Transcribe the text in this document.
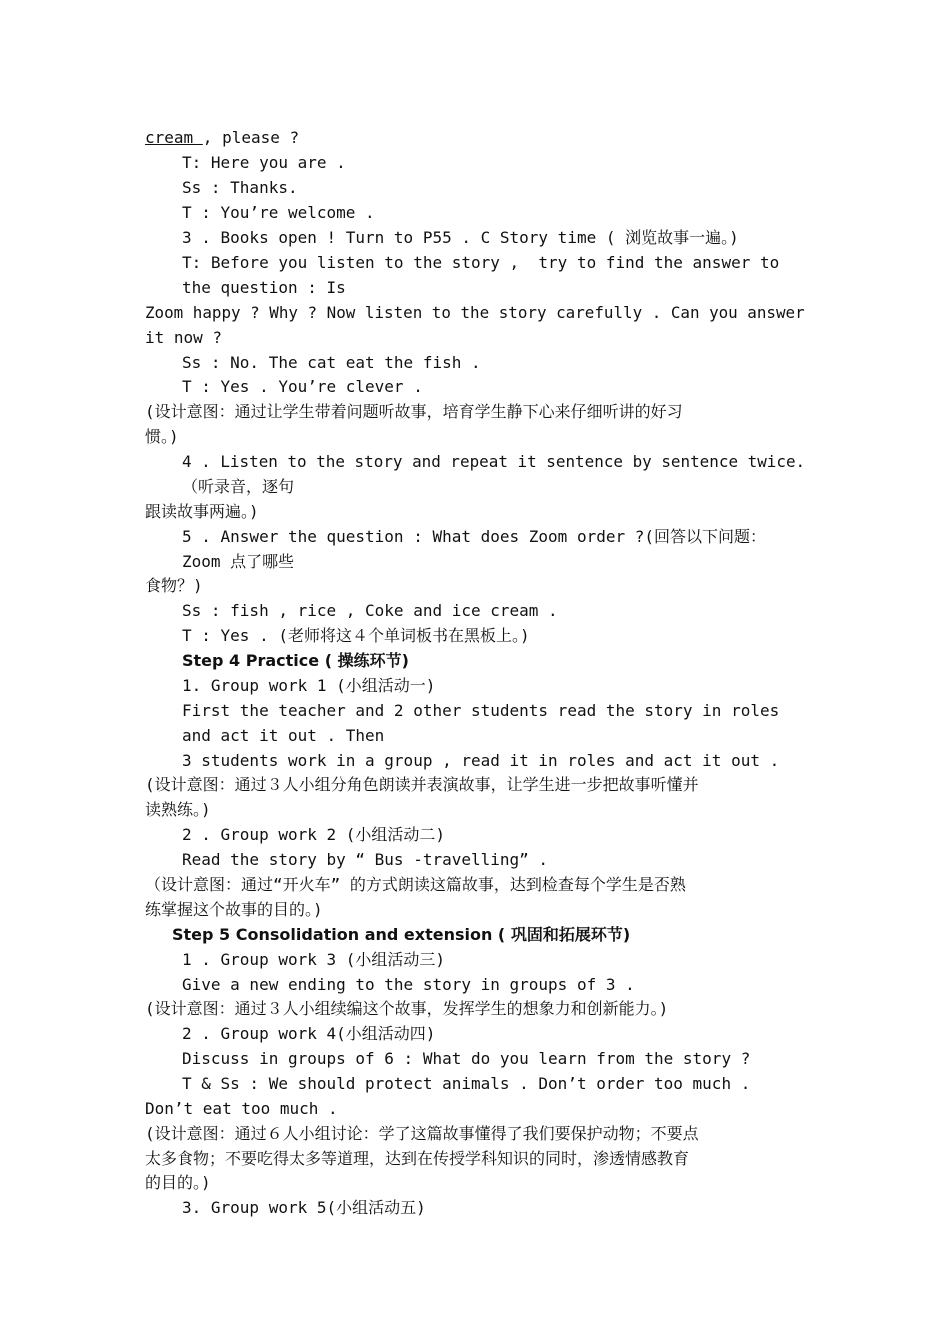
cream , please ?
T: Here you are .
Ss : Thanks.
T : You’re welcome .
3 . Books open ! Turn to P55 . C Story time ( 浏览故事一遍。)
T: Before you listen to the story ,  try to find the answer to
the question : Is
Zoom happy ? Why ? Now listen to the story carefully . Can you answer
it now ?
Ss : No. The cat eat the fish .
T : Yes . You’re clever .
(设计意图：通过让学生带着问题听故事，培育学生静下心来仔细听讲的好习
惯。)
4 . Listen to the story and repeat it sentence by sentence twice.
（听录音，逐句
跟读故事两遍。)
5 . Answer the question : What does Zoom order ?(回答以下问题：
Zoom 点了哪些
食物？)
Ss : fish , rice , Coke and ice cream .
T : Yes . (老师将这４个单词板书在黑板上。)
Step 4 Practice ( 操练环节)
1. Group work 1 (小组活动一)
First the teacher and 2 other students read the story in roles
and act it out . Then
3 students work in a group , read it in roles and act it out .
(设计意图：通过３人小组分角色朗读并表演故事，让学生进一步把故事听懂并
读熟练。)
2 . Group work 2 (小组活动二)
Read the story by “ Bus -travelling” .
（设计意图：通过“开火车” 的方式朗读这篇故事，达到检查每个学生是否熟
练掌握这个故事的目的。)
Step 5 Consolidation and extension ( 巩固和拓展环节)
1 . Group work 3 (小组活动三)
Give a new ending to the story in groups of 3 .
(设计意图：通过３人小组续编这个故事，发挥学生的想象力和创新能力。)
2 . Group work 4(小组活动四)
Discuss in groups of 6 : What do you learn from the story ?
T & Ss : We should protect animals . Don’t order too much .
Don’t eat too much .
(设计意图：通过６人小组讨论：学了这篇故事懂得了我们要保护动物；不要点
太多食物；不要吃得太多等道理，达到在传授学科知识的同时，渗透情感教育
的目的。)
3. Group work 5(小组活动五)
